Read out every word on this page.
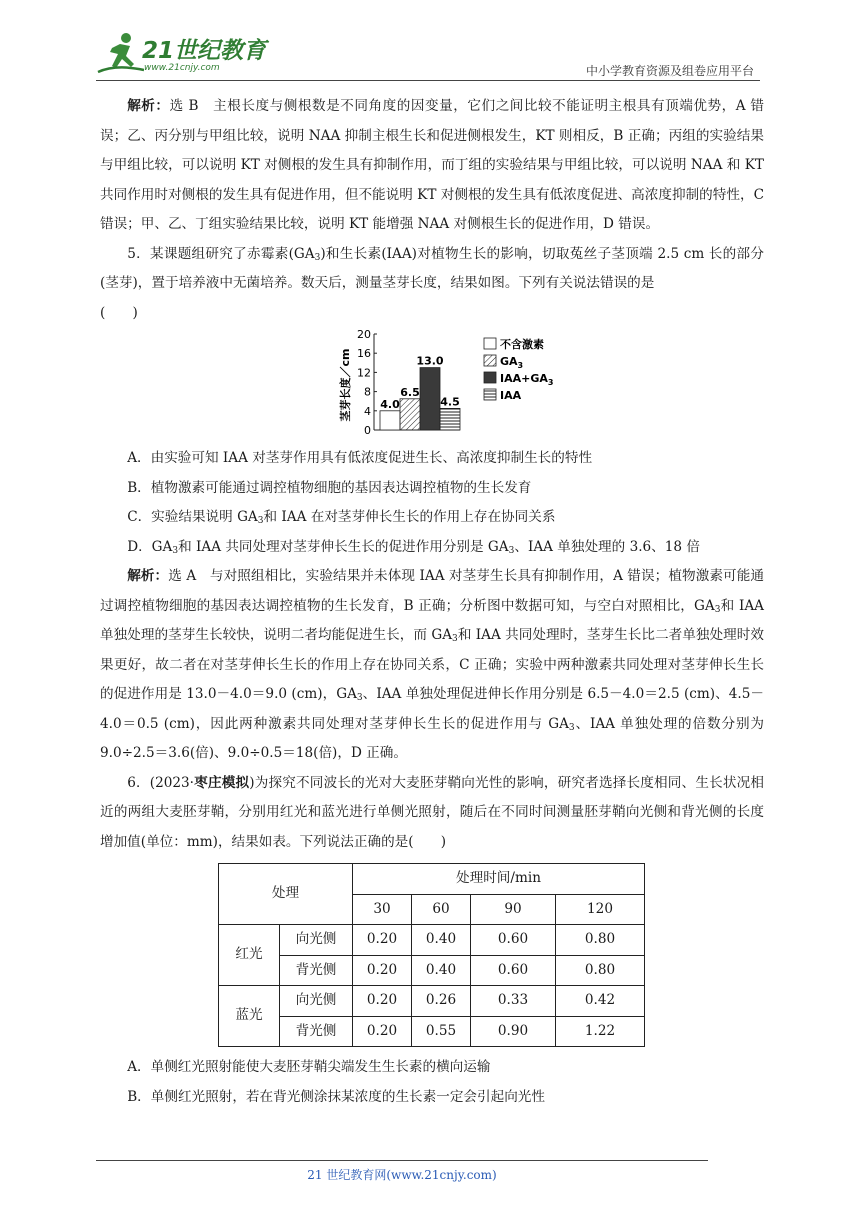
21世纪教育
www.21cnjy.com	中小学教育资源及组卷应用平台

解析：选 B　主根长度与侧根数是不同角度的因变量，它们之间比较不能证明主根具有顶端优势，A 错误；乙、丙分别与甲组比较，说明 NAA 抑制主根生长和促进侧根发生，KT 则相反，B 正确；丙组的实验结果与甲组比较，可以说明 KT 对侧根的发生具有抑制作用，而丁组的实验结果与甲组比较，可以说明 NAA 和 KT 共同作用时对侧根的发生具有促进作用，但不能说明 KT 对侧根的发生具有低浓度促进、高浓度抑制的特性，C 错误；甲、乙、丁组实验结果比较，说明 KT 能增强 NAA 对侧根生长的促进作用，D 错误。

5．某课题组研究了赤霉素$(GA_3)$和生长素(IAA)对植物生长的影响，切取菟丝子茎顶端 2.5 cm 长的部分(茎芽)，置于培养液中无菌培养。数天后，测量茎芽长度，结果如图。下列有关说法错误的是

(　　)

茎芽长度／cm
0
4
8
12
16
20
4.0
6.5
13.0
4.5
不含激素
$GA_3$
$IAA+GA_3$
IAA

A．由实验可知 IAA 对茎芽作用具有低浓度促进生长、高浓度抑制生长的特性

B．植物激素可能通过调控植物细胞的基因表达调控植物的生长发育

C．实验结果说明 $GA_3$和 IAA 在对茎芽伸长生长的作用上存在协同关系

D．$GA_3$和 IAA 共同处理对茎芽伸长生长的促进作用分别是 $GA_3$、IAA 单独处理的 3.6、18 倍

解析：选 A　与对照组相比，实验结果并未体现 IAA 对茎芽生长具有抑制作用，A 错误；植物激素可能通过调控植物细胞的基因表达调控植物的生长发育，B 正确；分析图中数据可知，与空白对照相比，$GA_3$和 IAA 单独处理的茎芽生长较快，说明二者均能促进生长，而 $GA_3$和 IAA 共同处理时，茎芽生长比二者单独处理时效果更好，故二者在对茎芽伸长生长的作用上存在协同关系，C 正确；实验中两种激素共同处理对茎芽伸长生长的促进作用是 13.0－4.0＝9.0 (cm)，$GA_3$、IAA 单独处理促进伸长作用分别是 6.5－4.0＝2.5 (cm)、4.5－4.0＝0.5 (cm)，因此两种激素共同处理对茎芽伸长生长的促进作用与 $GA_3$、IAA 单独处理的倍数分别为 9.0÷2.5＝3.6(倍)、9.0÷0.5＝18(倍)，D 正确。

6．(2023·枣庄模拟)为探究不同波长的光对大麦胚芽鞘向光性的影响，研究者选择长度相同、生长状况相近的两组大麦胚芽鞘，分别用红光和蓝光进行单侧光照射，随后在不同时间测量胚芽鞘向光侧和背光侧的长度增加值(单位：mm)，结果如表。下列说法正确的是(　　)

处理		处理时间/min			
		30	60	90	120
红光	向光侧	0.20	0.40	0.60	0.80
	背光侧	0.20	0.40	0.60	0.80
蓝光	向光侧	0.20	0.26	0.33	0.42
	背光侧	0.20	0.55	0.90	1.22

A．单侧红光照射能使大麦胚芽鞘尖端发生生长素的横向运输

B．单侧红光照射，若在背光侧涂抹某浓度的生长素一定会引起向光性

21 世纪教育网(www.21cnjy.com)
